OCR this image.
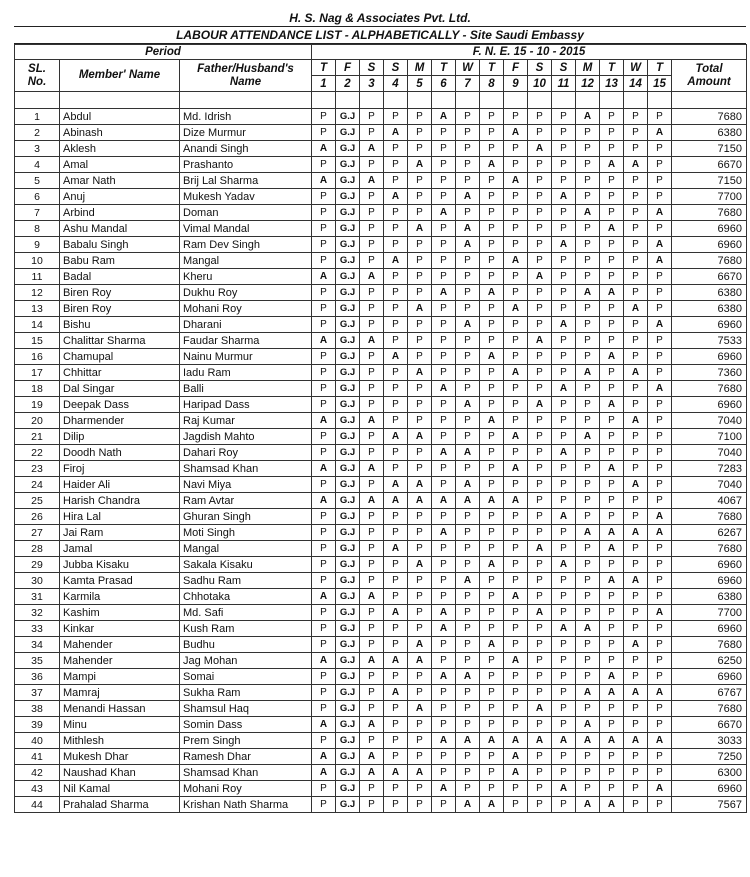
H. S. Nag & Associates Pvt. Ltd.
LABOUR ATTENDANCE LIST - ALPHABETICALLY - Site Saudi Embassy
Period			F. N. E. 15 - 10 - 2015															
SL. No.	Member' Name	Father/Husband's Name	T	F	S	S	M	T	W	T	F	S	S	M	T	W	T	Total Amount
			1	2	3	4	5	6	7	8	9	10	11	12	13	14	15	

1	Abdul	Md. Idrish	P	G.J	P	P	P	A	P	P	P	P	P	A	P	P	P	7680
2	Abinash	Dize Murmur	P	G.J	P	A	P	P	P	P	A	P	P	P	P	P	A	6380
3	Aklesh	Anandi Singh	A	G.J	A	P	P	P	P	P	P	A	P	P	P	P	P	7150
4	Amal	Prashanto	P	G.J	P	P	A	P	P	A	P	P	P	P	A	A	P	6670
5	Amar Nath	Brij Lal Sharma	A	G.J	A	P	P	P	P	P	A	P	P	P	P	P	P	7150
6	Anuj	Mukesh Yadav	P	G.J	P	A	P	P	A	P	P	P	A	P	P	P	P	7700
7	Arbind	Doman	P	G.J	P	P	P	A	P	P	P	P	P	A	P	P	A	7680
8	Ashu Mandal	Vimal Mandal	P	G.J	P	P	A	P	A	P	P	P	P	P	A	P	P	6960
9	Babalu Singh	Ram Dev Singh	P	G.J	P	P	P	P	A	P	P	P	A	P	P	P	A	6960
10	Babu Ram	Mangal	P	G.J	P	A	P	P	P	P	A	P	P	P	P	P	A	7680
11	Badal	Kheru	A	G.J	A	P	P	P	P	P	P	A	P	P	P	P	P	6670
12	Biren Roy	Dukhu Roy	P	G.J	P	P	P	A	P	A	P	P	P	A	A	P	P	6380
13	Biren Roy	Mohani Roy	P	G.J	P	P	A	P	P	P	A	P	P	P	P	A	P	6380
14	Bishu	Dharani	P	G.J	P	P	P	P	A	P	P	P	A	P	P	P	A	6960
15	Chalittar Sharma	Faudar Sharma	A	G.J	A	P	P	P	P	P	P	A	P	P	P	P	P	7533
16	Chamupal	Nainu Murmur	P	G.J	P	A	P	P	P	A	P	P	P	P	A	P	P	6960
17	Chhittar	Iadu Ram	P	G.J	P	P	A	P	P	P	A	P	P	A	P	A	P	7360
18	Dal Singar	Balli	P	G.J	P	P	P	A	P	P	P	P	A	P	P	P	A	7680
19	Deepak Dass	Haripad Dass	P	G.J	P	P	P	P	A	P	P	A	P	P	A	P	P	6960
20	Dharmender	Raj Kumar	A	G.J	A	P	P	P	P	A	P	P	P	P	P	A	P	7040
21	Dilip	Jagdish Mahto	P	G.J	P	A	A	P	P	P	A	P	P	A	P	P	P	7100
22	Doodh Nath	Dahari Roy	P	G.J	P	P	P	A	A	P	P	P	A	P	P	P	P	7040
23	Firoj	Shamsad Khan	A	G.J	A	P	P	P	P	P	A	P	P	P	A	P	P	7283
24	Haider Ali	Navi Miya	P	G.J	P	A	A	P	A	P	P	P	P	P	P	A	P	7040
25	Harish Chandra	Ram Avtar	A	G.J	A	A	A	A	A	A	A	P	P	P	P	P	P	4067
26	Hira Lal	Ghuran Singh	P	G.J	P	P	P	P	P	P	P	P	A	P	P	P	A	7680
27	Jai Ram	Moti Singh	P	G.J	P	P	P	A	P	P	P	P	P	A	A	A	A	6267
28	Jamal	Mangal	P	G.J	P	A	P	P	P	P	P	A	P	P	A	P	P	7680
29	Jubba Kisaku	Sakala Kisaku	P	G.J	P	P	A	P	P	A	P	P	A	P	P	P	P	6960
30	Kamta Prasad	Sadhu Ram	P	G.J	P	P	P	P	A	P	P	P	P	P	A	A	P	6960
31	Karmila	Chhotaka	A	G.J	A	P	P	P	P	P	A	P	P	P	P	P	P	6380
32	Kashim	Md. Safi	P	G.J	P	A	P	A	P	P	P	A	P	P	P	P	A	7700
33	Kinkar	Kush Ram	P	G.J	P	P	P	A	P	P	P	P	A	A	P	P	P	6960
34	Mahender	Budhu	P	G.J	P	P	A	P	P	A	P	P	P	P	P	A	P	7680
35	Mahender	Jag Mohan	A	G.J	A	A	A	P	P	P	A	P	P	P	P	P	P	6250
36	Mampi	Somai	P	G.J	P	P	P	A	A	P	P	P	P	P	A	P	P	6960
37	Mamraj	Sukha Ram	P	G.J	P	A	P	P	P	P	P	P	P	A	A	A	A	6767
38	Menandi Hassan	Shamsul Haq	P	G.J	P	P	A	P	P	P	P	A	P	P	P	P	P	7680
39	Minu	Somin Dass	A	G.J	A	P	P	P	P	P	P	P	P	A	P	P	P	6670
40	Mithlesh	Prem Singh	P	G.J	P	P	P	A	A	A	A	A	A	A	A	A	A	3033
41	Mukesh Dhar	Ramesh Dhar	A	G.J	A	P	P	P	P	P	A	P	P	P	P	P	P	7250
42	Naushad Khan	Shamsad Khan	A	G.J	A	A	A	P	P	P	A	P	P	P	P	P	P	6300
43	Nil Kamal	Mohani Roy	P	G.J	P	P	P	A	P	P	P	P	A	P	P	P	A	6960
44	Prahalad Sharma	Krishan Nath Sharma	P	G.J	P	P	P	P	A	A	P	P	P	A	A	P	P	7567
